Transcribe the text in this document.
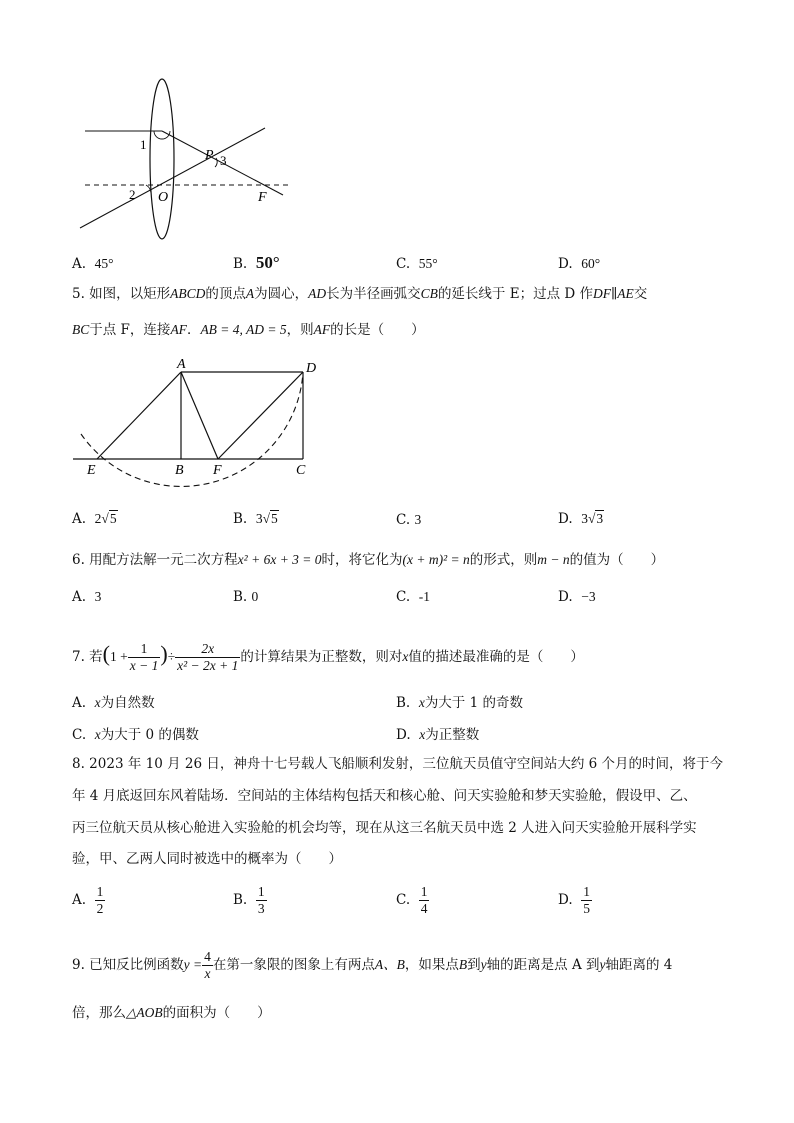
1
2
3
P
O	F
A. 45°	B. 50°	C. 55°	D. 60°
5. 如图，以矩形ABCD的顶点A为圆心，AD长为半径画弧交CB的延长线于 E；过点 D 作DF∥AE交
BC于点 F，连接AF．AB = 4, AD = 5，则AF的长是（　　）
A	D
E	B F	C
A. 2√5	B. 3√5	C. 3	D. 3√3
6. 用配方法解一元二次方程x² + 6x + 3 = 0时，将它化为(x + m)² = n的形式，则m − n的值为（　　）
A. 3	B. 0	C. -1	D. −3
7. 若($1 + \frac{1}{x - 1}$ )÷ $\frac{2x}{\text{x² − 2x + 1}}$ 的计算结果为正整数，则对x值的描述最准确的是（　　）
A. x为自然数	B. x为大于 1 的奇数
C. x为大于 0 的偶数	D. x为正整数
8. 2023 年 10 月 26 日，神舟十七号载人飞船顺利发射，三位航天员值守空间站大约 6 个月的时间，将于今
年 4 月底返回东风着陆场．空间站的主体结构包括天和核心舱、问天实验舱和梦天实验舱，假设甲、乙、
丙三位航天员从核心舱进入实验舱的机会均等，现在从这三名航天员中选 2 人进入问天实验舱开展科学实
验，甲、乙两人同时被选中的概率为（　　）
A. $\frac{1}{2}$	B. $\frac{1}{3}$	C. $\frac{1}{4}$	D. $\frac{1}{5}$
9. 已知反比例函数$y = \frac{4}{x}$ 在第一象限的图象上有两点A、B，如果点B到y轴的距离是点 A 到y轴距离的 4
倍，那么△AOB的面积为（　　）
